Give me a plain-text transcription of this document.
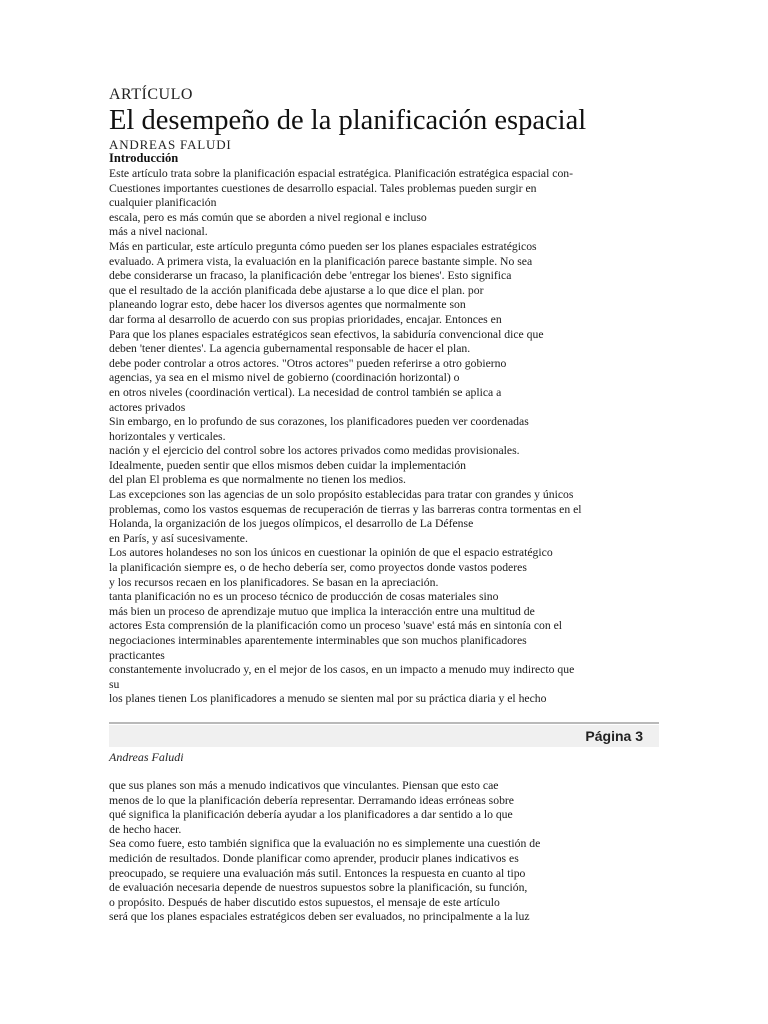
ARTÍCULO
El desempeño de la planificación espacial
ANDREAS FALUDI
Introducción
Este artículo trata sobre la planificación espacial estratégica. Planificación estratégica espacial con-
Cuestiones importantes cuestiones de desarrollo espacial. Tales problemas pueden surgir en
cualquier planificación
escala, pero es más común que se aborden a nivel regional e incluso
más a nivel nacional.
Más en particular, este artículo pregunta cómo pueden ser los planes espaciales estratégicos
evaluado. A primera vista, la evaluación en la planificación parece bastante simple. No sea
debe considerarse un fracaso, la planificación debe 'entregar los bienes'. Esto significa
que el resultado de la acción planificada debe ajustarse a lo que dice el plan. por
planeando lograr esto, debe hacer los diversos agentes que normalmente son
dar forma al desarrollo de acuerdo con sus propias prioridades, encajar. Entonces en
Para que los planes espaciales estratégicos sean efectivos, la sabiduría convencional dice que
deben 'tener dientes'. La agencia gubernamental responsable de hacer el plan.
debe poder controlar a otros actores. "Otros actores" pueden referirse a otro gobierno
agencias, ya sea en el mismo nivel de gobierno (coordinación horizontal) o
en otros niveles (coordinación vertical). La necesidad de control también se aplica a
actores privados
Sin embargo, en lo profundo de sus corazones, los planificadores pueden ver coordenadas
horizontales y verticales.
nación y el ejercicio del control sobre los actores privados como medidas provisionales.
Idealmente, pueden sentir que ellos mismos deben cuidar la implementación
del plan El problema es que normalmente no tienen los medios.
Las excepciones son las agencias de un solo propósito establecidas para tratar con grandes y únicos
problemas, como los vastos esquemas de recuperación de tierras y las barreras contra tormentas en el
Holanda, la organización de los juegos olímpicos, el desarrollo de La Défense
en París, y así sucesivamente.
Los autores holandeses no son los únicos en cuestionar la opinión de que el espacio estratégico
la planificación siempre es, o de hecho debería ser, como proyectos donde vastos poderes
y los recursos recaen en los planificadores. Se basan en la apreciación.
tanta planificación no es un proceso técnico de producción de cosas materiales sino
más bien un proceso de aprendizaje mutuo que implica la interacción entre una multitud de
actores Esta comprensión de la planificación como un proceso 'suave' está más en sintonía con el
negociaciones interminables aparentemente interminables que son muchos planificadores
practicantes
constantemente involucrado y, en el mejor de los casos, en un impacto a menudo muy indirecto que
su
los planes tienen Los planificadores a menudo se sienten mal por su práctica diaria y el hecho
Página 3
Andreas Faludi
que sus planes son más a menudo indicativos que vinculantes. Piensan que esto cae
menos de lo que la planificación debería representar. Derramando ideas erróneas sobre
qué significa la planificación debería ayudar a los planificadores a dar sentido a lo que
de hecho hacer.
Sea como fuere, esto también significa que la evaluación no es simplemente una cuestión de
medición de resultados. Donde planificar como aprender, producir planes indicativos es
preocupado, se requiere una evaluación más sutil. Entonces la respuesta en cuanto al tipo
de evaluación necesaria depende de nuestros supuestos sobre la planificación, su función,
o propósito. Después de haber discutido estos supuestos, el mensaje de este artículo
será que los planes espaciales estratégicos deben ser evaluados, no principalmente a la luz
